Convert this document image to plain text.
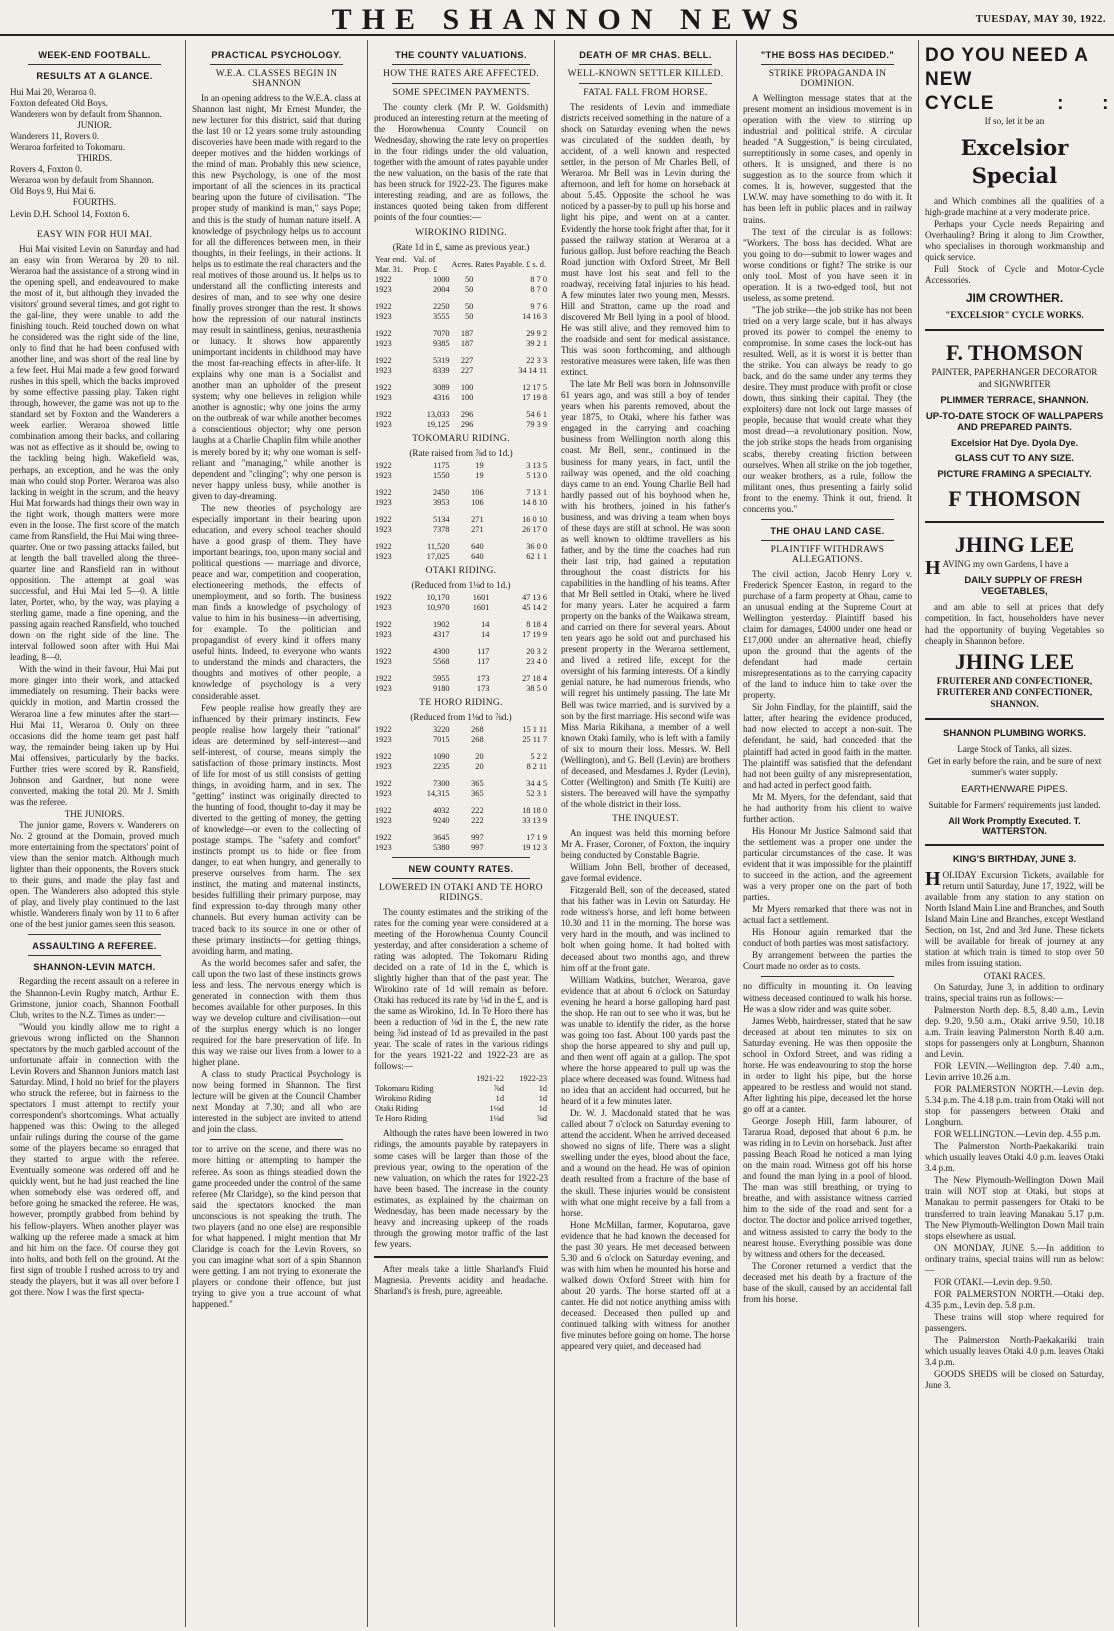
THE SHANNON NEWS	TUESDAY, MAY 30, 1922.
WEEK-END FOOTBALL.
RESULTS AT A GLANCE.
Hui Mai 20, Weraroa 0.
Foxton defeated Old Boys.
Wanderers won by default from Shannon.
JUNIOR.
Wanderers 11, Rovers 0.
Weraroa forfeited to Tokomaru.
THIRDS.
Rovers 4, Foxton 0.
Weraroa won by default from Shannon.
Old Boys 9, Hui Mai 6.
FOURTHS.
Levin D.H. School 14, Foxton 6.
EASY WIN FOR HUI MAI.
Hui Mai visited Levin on Saturday and had an easy win from Weraroa by 20 to nil. Weraroa had the assistance of a strong wind in the opening spell, and endeavoured to make the most of it, but although they invaded the visitors' ground several times, and got right to the gal-line, they were unable to add the finishing touch. Reid touched down on what he considered was the right side of the line, only to find that he had been confused with another line, and was short of the real line by a few feet. Hui Mai made a few good forward rushes in this spell, which the backs improved by some effective passing play. Taken right through, however, the game was not up to the standard set by Foxton and the Wanderers a week earlier. Weraroa showed little combination among their backs, and collaring was not as effective as it should be, owing to the tackling being high. Wakefield was, perhaps, an exception, and he was the only man who could stop Porter. Weraroa was also lacking in weight in the scrum, and the heavy Hui Mat forwards had things their own way in the tight work, though matters were more even in the loose. The first score of the match came from Ransfield, the Hui Mai wing three-quarter. One or two passing attacks failed, but at length the ball travelled along the three-quarter line and Ransfield ran in without opposition. The attempt at goal was successful, and Hui Mai led 5—0. A little later, Porter, who, by the way, was playing a sterling game, made a fine opening, and the passing again reached Ransfield, who touched down on the right side of the line. The interval followed soon after with Hui Mai leading, 8—0.
With the wind in their favour, Hui Mai put more ginger into their work, and attacked immediately on resuming. Their backs were quickly in motion, and Martin crossed the Weraroa line a few minutes after the start—Hui Mai 11, Weraroa 0. Only on three occasions did the home team get past half way, the remainder being taken up by Hui Mai offensives, particularly by the backs. Further tries were scored by R. Ransfield, Johnson and Gardner, but none were converted, making the total 20. Mr J. Smith was the referee.
THE JUNIORS.
The junior game, Rovers v. Wanderers on No. 2 ground at the Domain, proved much more entertaining from the spectators' point of view than the senior match. Although much lighter than their opponents, the Rovers stuck to their guns, and made the play fast and open. The Wanderers also adopted this style of play, and lively play continued to the last whistle. Wanderers finaly won by 11 to 6 after one of the best junior games seen this season.
ASSAULTING A REFEREE.
SHANNON-LEVIN MATCH.
Regarding the recent assault on a referee in the Shannon-Levin Rugby match, Arthur E. Grimstone, junior coach, Shannon Football Club, writes to the N.Z. Times as under:—
"Would you kindly allow me to right a grievous wrong inflicted on the Shannon spectators by the much garbled account of the unfortunate affair in connection with the Levin Rovers and Shannon Juniors match last Saturday. Mind, I hold no brief for the players who struck the referee, but in fairness to the spectators I must attempt to rectify your correspondent's shortcomings. What actually happened was this: Owing to the alleged unfair rulings during the course of the game some of the players became so enraged that they started to argue with the referee. Eventually someone was ordered off and he quickly went, but he had just reached the line when somebody else was ordered off, and before going he smacked the referee. He was, however, promptly grabbed from behind by his fellow-players. When another player was walking up the referee made a smack at him and hit him on the face. Of course they got into holts, and both fell on the ground. At the first sign of trouble I rushed across to try and steady the players, but it was all over before I got there. Now I was the first specta-
PRACTICAL PSYCHOLOGY.
W.E.A. CLASSES BEGIN IN SHANNON
In an opening address to the W.E.A. class at Shannon last night, Mr Ernest Munder, the new lecturer for this district, said that during the last 10 or 12 years some truly astounding discoveries have been made with regard to the deeper motives and the hidden workings of the mind of man. Probably this new science, this new Psychology, is one of the most important of all the sciences in its practical bearing upon the future of civilisation. "The proper study of mankind is man," says Pope; and this is the study of human nature itself. A knowledge of psychology helps us to account for all the differences between men, in their thoughts, in their feelings, in their actions. It helps us to estimate the real characters and the real motives of those around us. It helps us to understand all the conflicting interests and desires of man, and to see why one desire finally proves stronger than the rest. It shows how the repression of our natural instincts may result in saintliness, genius, neurasthenia or lunacy. It shows how apparently unimportant incidents in childhood may have the most far-reaching effects in after-life. It explains why one man is a Socialist and another man an upholder of the present system; why one believes in religion while another is agnostic; why one joins the army on the outbreak of war while another becomes a conscientious objector; why one person laughs at a Charlie Chaplin film while another is merely bored by it; why one woman is self-reliant and "managing," while another is dependent and "clinging"; why one person is never happy unless busy, while another is given to day-dreaming.
The new theories of psychology are especially important in their bearing upon education, and every school teacher should have a good grasp of them. They have important bearings, too, upon many social and political questions — marriage and divorce, peace and war, competition and cooperation, electioneering methods, the effects of unemployment, and so forth. The business man finds a knowledge of psychology of value to him in his business—in advertising, for example. To the politician and propagandist of every kind it offers many useful hints. Indeed, to everyone who wants to understand the minds and characters, the thoughts and motives of other people, a knowledge of psychology is a very considerable asset.
Few people realise how greatly they are influenced by their primary instincts. Few people realise how largely their "rational" ideas are determined by self-interest—and self-interest, of course, means simply the satisfaction of those primary instincts. Most of life for most of us still consists of getting things, in avoiding harm, and in sex. The "getting" instinct was originally directed to the hunting of food, thought to-day it may be diverted to the getting of money, the getting of knowledge—or even to the collecting of postage stamps. The "safety and comfort" instincts prompt us to hide or flee from danger, to eat when hungry, and generally to preserve ourselves from harm. The sex instinct, the mating and maternal instincts, besides fulfilling their primary purpose, may find expression to-day through many other channels. But every human activity can be traced back to its source in one or other of these primary instincts—for getting things, avoiding harm, and mating.
As the world becomes safer and safer, the call upon the two last of these instincts grows less and less. The nervous energy which is generated in connection with them thus becomes available for other purposes. In this way we develop culture and civilisation—out of the surplus energy which is no longer required for the bare preservation of life. In this way we raise our lives from a lower to a higher plane.
A class to study Practical Psychology is now being formed in Shannon. The first lecture will be given at the Council Chamber next Monday at 7.30; and all who are interested in the subject are invited to attend and join the class.
tor to arrive on the scene, and there was no more hitting or attempting to hamper the referee. As soon as things steadied down the game proceeded under the control of the same referee (Mr Claridge), so the kind person that said the spectators knocked the man unconscious is not speaking the truth. The two players (and no one else) are responsible for what happened. I might mention that Mr Claridge is coach for the Levin Rovers, so you can imagine what sort of a spin Shannon were getting. I am not trying to exonerate the players or condone their offence, but just trying to give you a true account of what happened."
THE COUNTY VALUATIONS.
HOW THE RATES ARE AFFECTED.
SOME SPECIMEN PAYMENTS.
The county clerk (Mr P. W. Goldsmith) produced an interesting return at the meeting of the Horowhenua County Council on Wednesday, showing the rate levy on properties in the four ridings under the old valuation, together with the amount of rates payable under the new valuation, on the basis of the rate that has been struck for 1922-23. The figures make interesting reading, and are as follows, the instances quoted being taken from different points of the four counties:—
WIROKINO RIDING.
(Rate 1d in £, same as previous year.)
Year end. Mar. 31.	Val. of Prop. £	Acres.	Rates Payable. £ s. d.
1922	1000	50	8 7 0
1923	2004	50	8 7 0
1922	2250	50	9 7 6
1923	3555	50	14 16 3
1922	7070	187	29 9 2
1923	9385	187	39 2 1
1922	5319	227	22 3 3
1923	8339	227	34 14 11
1922	3089	100	12 17 5
1923	4316	100	17 19 8
1922	13,033	296	54 6 1
1923	19,125	296	79 3 9
TOKOMARU RIDING.
(Rate raised from ⅞d to 1d.)
1922	1175	19	3 13 5
1923	1550	19	5 13 0
1922	2450	106	7 13 1
1923	3953	106	14 8 10
1922	5134	271	16 0 10
1923	7378	271	26 17 0
1922	11,520	640	36 0 0
1923	17,025	640	62 1 1
OTAKI RIDING.
(Reduced from 1⅛d to 1d.)
1922	10,170	1601	47 13 6
1923	10,970	1601	45 14 2
1922	1902	14	8 18 4
1923	4317	14	17 19 9
1922	4300	117	20 3 2
1923	5568	117	23 4 0
1922	5955	173	27 18 4
1923	9180	173	38 5 0
TE HORO RIDING.
(Reduced from 1⅛d to ⅞d.)
1922	3220	268	15 1 11
1923	7015	268	25 11 7
1922	1090	20	5 2 2
1923	2235	20	8 2 11
1922	7300	365	34 4 5
1923	14,315	365	52 3 1
1922	4032	222	18 18 0
1923	9240	222	33 13 9
1922	3645	997	17 1 9
1923	5380	997	19 12 3
NEW COUNTY RATES.
LOWERED IN OTAKI AND TE HORO RIDINGS.
The county estimates and the striking of the rates for the coming year were considered at a meeting of the Horowhenua County Council yesterday, and after consideration a scheme of rating was adopted. The Tokomaru Riding decided on a rate of 1d in the £, which is slightly higher than that of the past year. The Wirokino rate of 1d will remain as before. Otaki has reduced its rate by ⅛d in the £, and is the same as Wirokino, 1d. In Te Horo there has been a reduction of ⅛d in the £, the new rate being ⅞d instead of 1d as prevailed in the past year. The scale of rates in the various ridings for the years 1921-22 and 1922-23 are as follows:—
	1921-22	1922-23
Tokomaru Riding	⅞d	1d
Wirokino Riding	1d	1d
Otaki Riding	1⅛d	1d
Te Horo Riding	1⅛d	⅞d
Although the rates have been lowered in two ridings, the amounts payable by ratepayers in some cases will be larger than those of the previous year, owing to the operation of the new valuation, on which the rates for 1922-23 have been based. The increase in the county estimates, as explained by the chairman on Wednesday, has been made necessary by the heavy and increasing upkeep of the roads through the growing motor traffic of the last few years.
After meals take a little Sharland's Fluid Magnesia. Prevents acidity and headache. Sharland's is fresh, pure, agreeable.
DEATH OF MR CHAS. BELL.
WELL-KNOWN SETTLER KILLED.
FATAL FALL FROM HORSE.
The residents of Levin and immediate districts received something in the nature of a shock on Saturday evening when the news was circulated of the sudden death, by accident, of a well known and respected settler, in the person of Mr Charles Bell, of Weraroa. Mr Bell was in Levin during the afternoon, and left for home on horseback at about 5.45. Opposite the school he was noticed by a passer-by to pull up his horse and light his pipe, and went on at a canter. Evidently the horse took fright after that, for it passed the railway station at Weraroa at a furious gallop. Just before reaching the Beach Road junction with Oxford Street, Mr Bell must have lost his seat and fell to the roadway, receiving fatal injuries to his head. A few minutes later two young men, Messrs. Hill and Stratton, came up the road and discovered Mr Bell lying in a pool of blood. He was still alive, and they removed him to the roadside and sent for medical assistance. This was soon forthcoming, and although restorative measures were taken, life was then extinct.
The late Mr Bell was born in Johnsonville 61 years ago, and was still a boy of tender years when his parents removed, about the year 1875, to Otaki, where his father was engaged in the carrying and coaching business from Wellington north along this coast. Mr Bell, senr., continued in the business for many years, in fact, until the railway was opened, and the old coaching days came to an end. Young Charlie Bell had hardly passed out of his boyhood when he, with his brothers, joined in his father's business, and was driving a team when boys of these days are still at school. He was soon as well known to oldtime travellers as his father, and by the time the coaches had run their last trip, had gained a reputation throughout the coast districts for his capabilities in the handling of his teams. After that Mr Bell settled in Otaki, where he lived for many years. Later he acquired a farm property on the banks of the Waikawa stream, and carried on there for several years. About ten years ago he sold out and purchased his present property in the Weraroa settlement, and lived a retired life, except for the oversight of his farming interests. Of a kindly genial nature, he had numerous friends, who will regret his untimely passing. The late Mr Bell was twice married, and is survived by a son by the first marriage. His second wife was Miss Maria Rikihana, a member of a well known Otaki family, who is left with a family of six to mourn their loss. Messrs. W. Bell (Wellington), and G. Bell (Levin) are brothers of deceased, and Mesdames J. Ryder (Levin), Cotter (Wellington) and Smith (Te Kuiti) are sisters. The bereaved will have the sympathy of the whole district in their loss.
THE INQUEST.
An inquest was held this morning before Mr A. Fraser, Coroner, of Foxton, the inquiry being conducted by Constable Bagrie.
William John Bell, brother of deceased, gave formal evidence.
Fitzgerald Bell, son of the deceased, stated that his father was in Levin on Saturday. He rode witness's horse, and left home between 10.30 and 11 in the morning. The horse was very hard in the mouth, and was inclined to bolt when going home. It had bolted with deceased about two months ago, and threw him off at the front gate.
William Watkins, butcher, Weraroa, gave evidence that at about 6 o'clock on Saturday evening he heard a horse galloping hard past the shop. He ran out to see who it was, but he was unable to identify the rider, as the horse was going too fast. About 100 yards past the shop the horse appeared to shy and pull up, and then went off again at a gallop. The spot where the horse appeared to pull up was the place where deceased was found. Witness had no idea that an accident had occurred, but he heard of it a few minutes later.
Dr. W. J. Macdonald stated that he was called about 7 o'clock on Saturday evening to attend the accident. When he arrived deceased showed no signs of life. There was a slight swelling under the eyes, blood about the face, and a wound on the head. He was of opinion death resulted from a fracture of the base of the skull. These injuries would be consistent with what one might receive by a fall from a horse.
Hone McMillan, farmer, Koputaroa, gave evidence that he had known the deceased for the past 30 years. He met deceased between 5.30 and 6 o'clock on Saturday evening, and was with him when he mounted his horse and walked down Oxford Street with him for about 20 yards. The horse started off at a canter. He did not notice anything amiss with deceased. Deceased then pulled up and continued talking with witness for another five minutes before going on home. The horse appeared very quiet, and deceased had
"THE BOSS HAS DECIDED."
STRIKE PROPAGANDA IN DOMINION.
A Wellington message states that at the present moment an insidious movement is in operation with the view to stirring up industrial and political strife. A circular headed "A Suggestion," is being circulated, surreptitiously in some cases, and openly in others. It is unsigned, and there is no suggestion as to the source from which it comes. It is, however, suggested that the I.W.W. may have something to do with it. It has been left in public places and in railway trains.
The text of the circular is as follows: "Workers. The boss has decided. What are you going to do—submit to lower wages and worse conditions or fight? The strike is our only tool. Most of you have seen it in operation. It is a two-edged tool, but not useless, as some pretend.
"The job strike—the job strike has not been tried on a very large scale, but it has always proved its power to compel the enemy to compromise. In some cases the lock-out has resulted. Well, as it is worst it is better than the strike. You can always be ready to go back, and do the same under any terms they desire. They must produce with profit or close down, thus sinking their capital. They (the exploiters) dare not lock out large masses of people, because that would create what they most dread—a revolutionary position. Now, the job strike stops the heads from organising scabs, thereby creating friction between ourselves. When all strike on the job together, our weaker brothers, as a rule, follow the militant ones, thus presenting a fairly solid front to the enemy. Think it out, friend. It concerns you."
THE OHAU LAND CASE.
PLAINTIFF WITHDRAWS ALLEGATIONS.
The civil action, Jacob Henry Lory v. Frederick Spencer Easton, in regard to the purchase of a farm property at Ohau, came to an unusual ending at the Supreme Court at Wellington yesterday. Plaintiff based his claim for damages, £4000 under one head or £17,000 under an alternative head, chiefly upon the ground that the agents of the defendant had made certain misrepresentations as to the carrying capacity of the land to induce him to take over the property.
Sir John Findlay, for the plaintiff, said the latter, after hearing the evidence produced, had now elected to accept a non-suit. The defendant, he said, had conceded that the plaintiff had acted in good faith in the matter. The plaintiff was satisfied that the defendant had not been guilty of any misrepresentation, and had acted in perfect good faith.
Mr M. Myers, for the defendant, said that he had authority from his client to waive further action.
His Honour Mr Justice Salmond said that the settlement was a proper one under the particular circumstances of the case. It was evident that it was impossible for the plaintiff to succeed in the action, and the agreement was a very proper one on the part of both parties.
Mr Myers remarked that there was not in actual fact a settlement.
His Honour again remarked that the conduct of both parties was most satisfactory.
By arrangement between the parties the Court made no order as to costs.
no difficulty in mounting it. On leaving witness deceased continued to walk his horse. He was a slow rider and was quite sober.
James Webb, hairdresser, stated that he saw deceased at about ten minutes to six on Saturday evening. He was then opposite the school in Oxford Street, and was riding a horse. He was endeavouring to stop the horse in order to light his pipe, but the horse appeared to be restless and would not stand. After lighting his pipe, deceased let the horse go off at a canter.
George Joseph Hill, farm labourer, of Tararua Road, deposed that about 6 p.m. he was riding in to Levin on horseback. Just after passing Beach Road he noticed a man lying on the main road. Witness got off his horse and found the man lying in a pool of blood. The man was still breathing, or trying to breathe, and with assistance witness carried him to the side of the road and sent for a doctor. The doctor and police arrived together, and witness assisted to carry the body to the nearest house. Everything possible was done by witness and others for the deceased.
The Coroner returned a verdict that the deceased met his death by a fracture of the base of the skull, caused by an accidental fall from his horse.
DO YOU NEED A NEW
CYCLE          :      :
If so, let it be an
Excelsior Special
and Which combines all the qualities of a high-grade machine at a very moderate price.
Perhaps your Cycle needs Repairing and Overhauling? Bring it along to Jim Crowther, who specialises in thorough workmanship and quick service.
Full Stock of Cycle and Motor-Cycle Accessories.
JIM CROWTHER.
"EXCELSIOR" CYCLE WORKS.
F. THOMSON
PAINTER, PAPERHANGER DECORATOR and SIGNWRITER
PLIMMER TERRACE, SHANNON.
UP-TO-DATE STOCK OF WALLPAPERS AND PREPARED PAINTS.
Excelsior Hat Dye. Dyola Dye.
GLASS CUT TO ANY SIZE.
PICTURE FRAMING A SPECIALTY.
F THOMSON
JHING LEE
HAVING my own Gardens, I have a
DAILY SUPPLY OF FRESH VEGETABLES,
and am able to sell at prices that defy competition. In fact, householders have never had the opportunity of buying Vegetables so cheaply in Shannon before.
JHING LEE
FRUITERER AND CONFECTIONER, FRUITERER AND CONFECTIONER, SHANNON.
SHANNON PLUMBING WORKS.
Large Stock of Tanks, all sizes.
Get in early before the rain, and be sure of next summer's water supply.
EARTHENWARE PIPES.
Suitable for Farmers' requirements just landed.
All Work Promptly Executed. T. WATTERSTON.
KING'S BIRTHDAY, JUNE 3.
HOLIDAY Excursion Tickets, available for return until Saturday, June 17, 1922, will be available from any station to any station on North Island Main Line and Branches, and South Island Main Line and Branches, except Westland Section, on 1st, 2nd and 3rd June. These tickets will be available for break of journey at any station at which train is timed to stop over 50 miles from issuing station.
OTAKI RACES.
On Saturday, June 3, in addition to ordinary trains, special trains run as follows:—
Palmerston North dep. 8.5, 8.40 a.m., Levin dep. 9.20, 9.50 a.m., Otaki arrive 9.50, 10.18 a.m. Train leaving Palmerston North 8.40 a.m. stops for passengers only at Longburn, Shannon and Levin.
FOR LEVIN.—Wellington dep. 7.40 a.m., Levin arrive 10.26 a.m.
FOR PALMERSTON NORTH.—Levin dep. 5.34 p.m. The 4.18 p.m. train from Otaki will not stop for passengers between Otaki and Longburn.
FOR WELLINGTON.—Levin dep. 4.55 p.m.
The Palmerston North-Paekakariki train which usually leaves Otaki 4.0 p.m. leaves Otaki 3.4 p.m.
The New Plymouth-Wellington Down Mail train will NOT stop at Otaki, but stops at Manakau to permit passengers for Otaki to be transferred to train leaving Manakau 5.17 p.m. The New Plymouth-Wellington Down Mail train stops elsewhere as usual.
ON MONDAY, JUNE 5.—In addition to ordinary trains, special trains will run as below:—
FOR OTAKI.—Levin dep. 9.50.
FOR PALMERSTON NORTH.—Otaki dep. 4.35 p.m., Levin dep. 5.8 p.m.
These trains will stop where required for passengers.
The Palmerston North-Paekakariki train which usually leaves Otaki 4.0 p.m. leaves Otaki 3.4 p.m.
GOODS SHEDS will be closed on Saturday, June 3.
